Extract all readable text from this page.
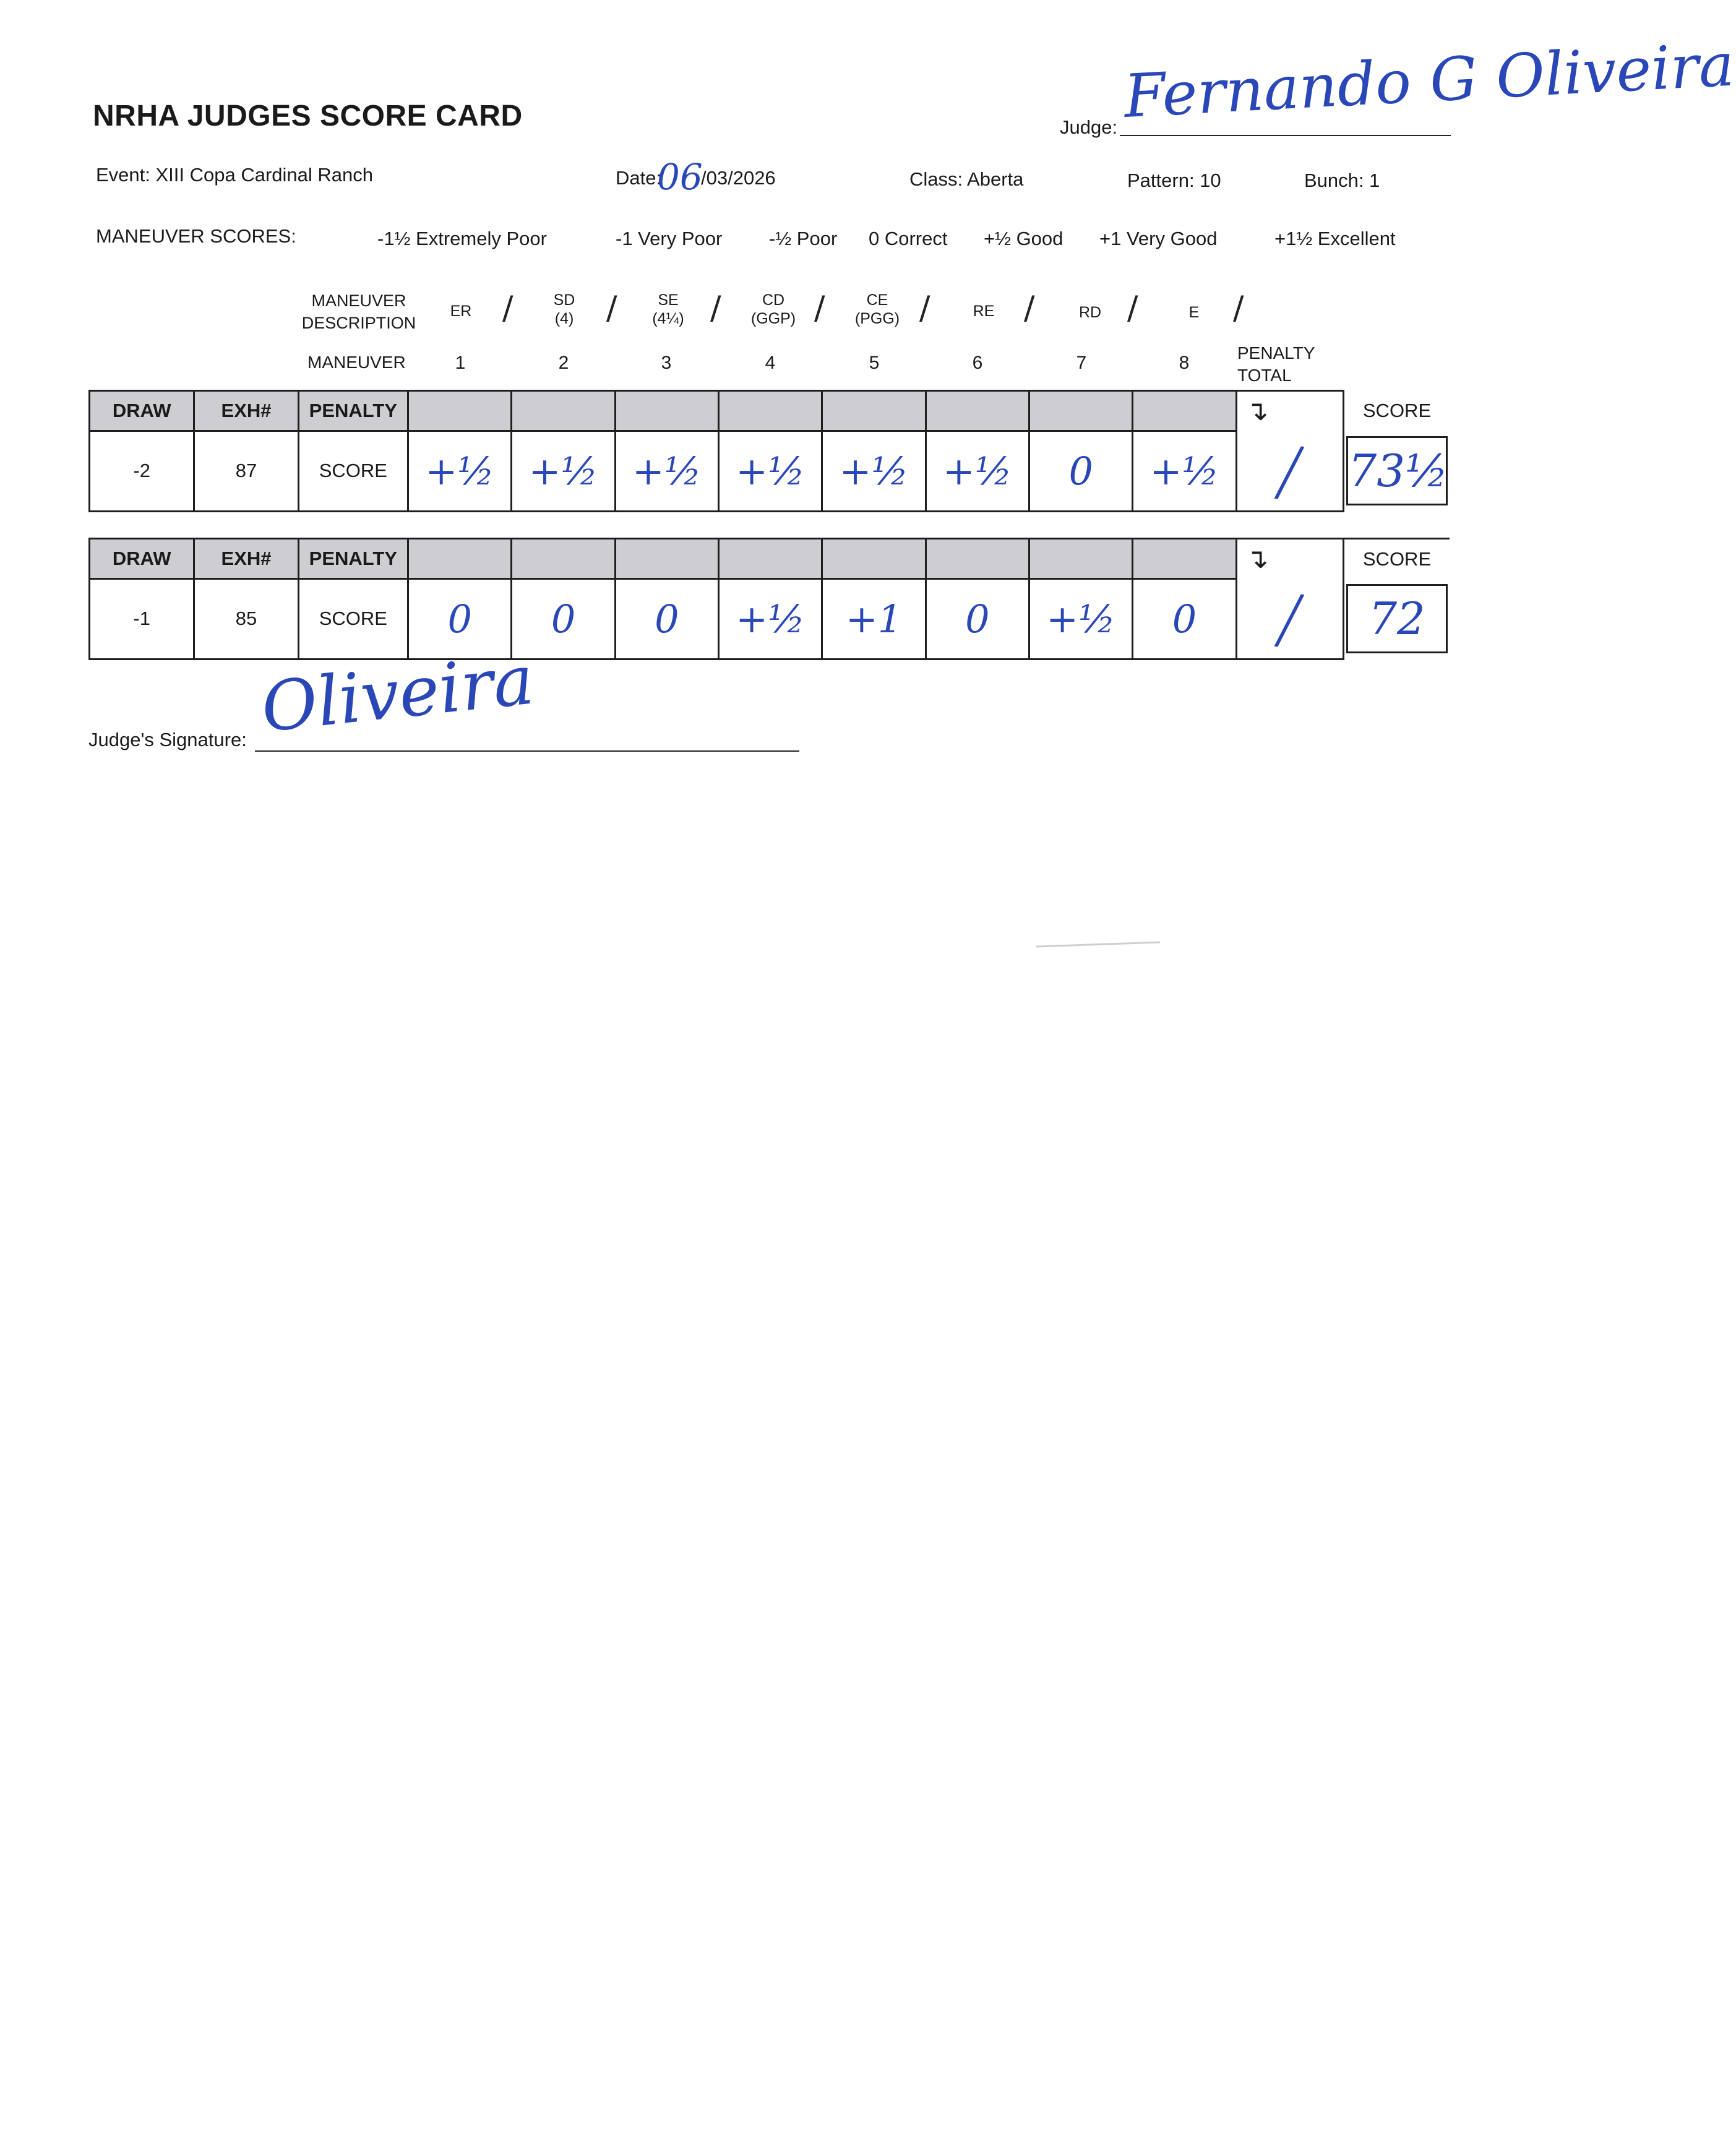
NRHA JUDGES SCORE CARD	Judge: Fernando G Oliveira
Event: XIII Copa Cardinal Ranch	Date:
06
/03/2026	Class: Aberta	Pattern: 10	Bunch: 1
MANEUVER SCORES:	-1½ Extremely Poor	-1 Very Poor -½ Poor 0 Correct +½ Good +1 Very Good	+1½ Excellent
MANEUVER DESCRIPTION
ER /	SD
(4)	/	SE
(4¼) /	CD
(GGP) /	CE
(PGG) /	RE /	RD /	E	/
MANEUVER	1	2	3	4	5	6	7	8	PENALTY TOTAL
DRAW	EXH#	PENALTY									↴	SCORE
-2	87	SCORE	+½	+½	+½	+½	+½	+½	0	+½	/	73½
DRAW	EXH#	PENALTY									↴	SCORE
-1	85	SCORE	0	0	0	+½	+1	0	+½	0	/	72
Judge's Signature: Oliveira
